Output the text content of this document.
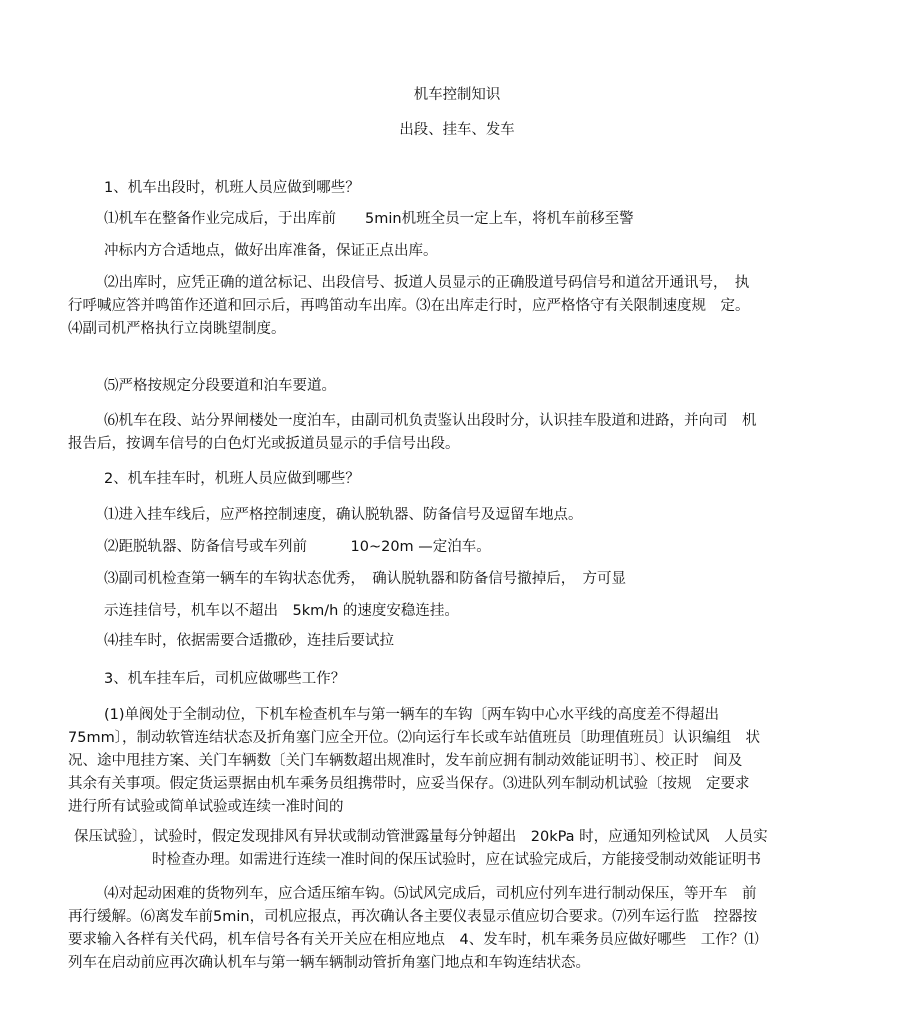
机车控制知识
出段、挂车、发车
1、机车出段时，机班人员应做到哪些？
⑴机车在整备作业完成后，于出库前　　5min机班全员一定上车，将机车前移至警
冲标内方合适地点，做好出库准备，保证正点出库。
⑵出库时，应凭正确的道岔标记、出段信号、扳道人员显示的正确股道号码信号和道岔开通讯号，　执
行呼喊应答并鸣笛作还道和回示后，再鸣笛动车出库。⑶在出库走行时，应严格恪守有关限制速度规　定。
⑷副司机严格执行立岗眺望制度。
⑸严格按规定分段要道和泊车要道。
⑹机车在段、站分界闸楼处一度泊车，由副司机负责鉴认出段时分，认识挂车股道和进路，并向司　机
报告后，按调车信号的白色灯光或扳道员显示的手信号出段。
2、机车挂车时，机班人员应做到哪些？
⑴进入挂车线后，应严格控制速度，确认脱轨器、防备信号及逗留车地点。
⑵距脱轨器、防备信号或车列前　　　10~20m —定泊车。
⑶副司机检查第一辆车的车钩状态优秀，　确认脱轨器和防备信号撤掉后，　方可显
示连挂信号，机车以不超出　5km/h 的速度安稳连挂。
⑷挂车时，依据需要合适撒砂，连挂后要试拉
3、机车挂车后，司机应做哪些工作？
(1)单阀处于全制动位，下机车检查机车与第一辆车的车钩〔两车钩中心水平线的高度差不得超出
75mm〕，制动软管连结状态及折角塞门应全开位。⑵向运行车长或车站值班员〔助理值班员〕认识编组　状
况、途中甩挂方案、关门车辆数〔关门车辆数超出规准时，发车前应拥有制动效能证明书〕、校正时　间及
其余有关事项。假定货运票据由机车乘务员组携带时，应妥当保存。⑶进队列车制动机试验〔按规　定要求
进行所有试验或简单试验或连续一准时间的
保压试验〕，试验时，假定发现排风有异状或制动管泄露量每分钟超出　20kPa 时，应通知列检试风　人员实
时检查办理。如需进行连续一准时间的保压试验时，应在试验完成后，方能接受制动效能证明书
⑷对起动困难的货物列车，应合适压缩车钩。⑸试风完成后，司机应付列车进行制动保压，等开车　前
再行缓解。⑹离发车前5min，司机应报点，再次确认各主要仪表显示值应切合要求。⑺列车运行监　控器按
要求输入各样有关代码，机车信号各有关开关应在相应地点　4、发车时，机车乘务员应做好哪些　工作？⑴
列车在启动前应再次确认机车与第一辆车辆制动管折角塞门地点和车钩连结状态。
